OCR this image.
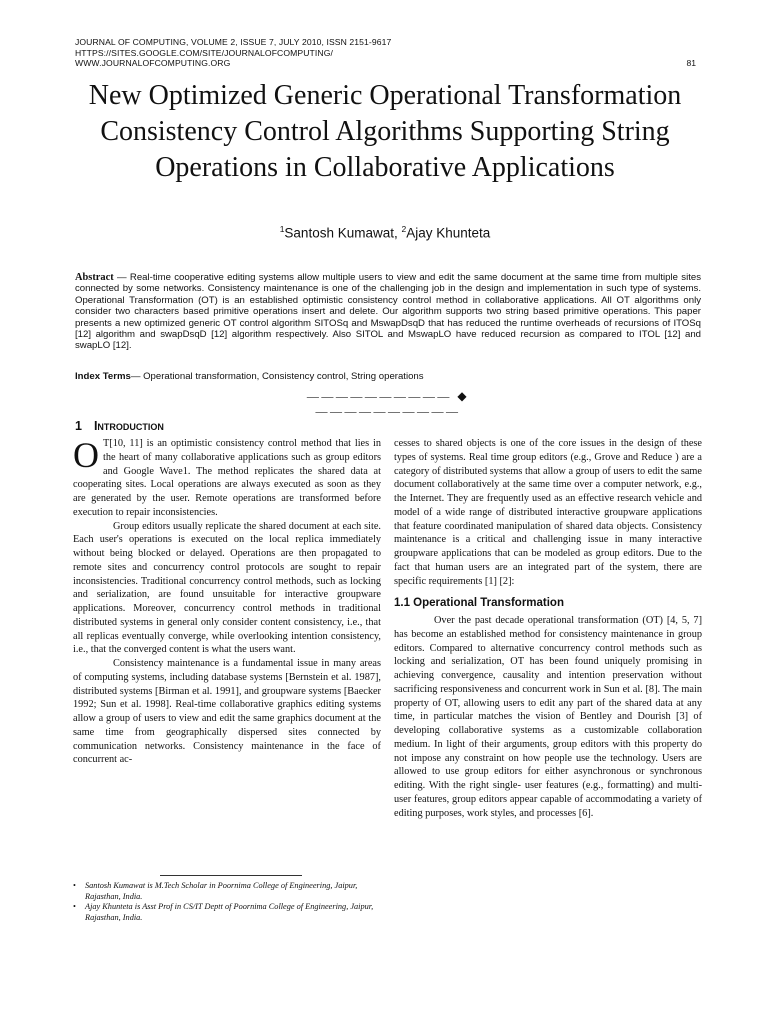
JOURNAL OF COMPUTING, VOLUME 2, ISSUE 7, JULY 2010, ISSN 2151-9617
HTTPS://SITES.GOOGLE.COM/SITE/JOURNALOFCOMPUTING/
WWW.JOURNALOFCOMPUTING.ORG	81
New Optimized Generic Operational Transformation Consistency Control Algorithms Supporting String Operations in Collaborative Applications
$^1$Santosh Kumawat, $^2$Ajay Khunteta
Abstract — Real-time cooperative editing systems allow multiple users to view and edit the same document at the same time from multiple sites connected by some networks. Consistency maintenance is one of the challenging job in the design and implementation in such type of systems. Operational Transformation (OT) is an established optimistic consistency control method in collaborative applications. All OT algorithms only consider two characters based primitive operations insert and delete. Our algorithm supports two string based primitive operations. This paper presents a new optimized generic OT control algorithm SITOSq and MswapDsqD that has reduced the runtime overheads of recursions of ITOSq [12] algorithm and swapDsqD [12] algorithm respectively. Also SITOL and MswapLO have reduced recursion as compared to ITOL [12] and swapLO [12].
Index Terms— Operational transformation, Consistency control, String operations
—————————— ◆ ——————————
1 Introduction

O T[10, 11] is an optimistic consistency control method that lies in the heart of many collaborative applications such as group editors and Google Wave1. The method replicates the shared data at cooperating sites. Local operations are always executed as soon as they are generated by the user. Remote operations are transformed before execution to repair inconsistencies.

Group editors usually replicate the shared document at each site. Each user's operations is executed on the local replica immediately without being blocked or delayed. Operations are then propagated to remote sites and concurrency control protocols are sought to repair inconsistencies. Traditional concurrency control methods, such as locking and serialization, are found unsuitable for interactive groupware applications. Moreover, concurrency control methods in traditional distributed systems in general only consider content consistency, i.e., that all replicas eventually converge, while overlooking intention consistency, i.e., that the converged content is what the users want.

Consistency maintenance is a fundamental issue in many areas of computing systems, including database systems [Bernstein et al. 1987], distributed systems [Birman et al. 1991], and groupware systems [Baecker 1992; Sun et al. 1998]. Real-time collaborative graphics editing systems allow a group of users to view and edit the same graphics document at the same time from geographically dispersed sites connected by communication networks. Consistency maintenance in the face of concurrent ac-

cesses to shared objects is one of the core issues in the design of these types of systems. Real time group editors (e.g., Grove and Reduce ) are a category of distributed systems that allow a group of users to edit the same document collaboratively at the same time over a computer network, e.g., the Internet. They are frequently used as an effective research vehicle and model of a wide range of distributed interactive groupware applications that feature coordinated manipulation of shared data objects. Consistency maintenance is a critical and challenging issue in many interactive groupware applications that can be modeled as group editors. Due to the fact that human users are an integrated part of the system, there are specific requirements [1] [2]:

1.1 Operational Transformation

Over the past decade operational transformation (OT) [4, 5, 7] has become an established method for consistency maintenance in group editors. Compared to alternative concurrency control methods such as locking and serialization, OT has been found uniquely promising in achieving convergence, causality and intention preservation without sacrificing responsiveness and concurrent work in Sun et al. [8]. The main property of OT, allowing users to edit any part of the shared data at any time, in particular matches the vision of Bentley and Dourish [3] of developing collaborative systems as a customizable collaboration medium. In light of their arguments, group editors with this property do not impose any constraint on how people use the technology. Users are allowed to use group editors for either asynchronous or synchronous editing. With the right single- user features (e.g., formatting) and multi-user features, group editors appear capable of accommodating a variety of editing purposes, work styles, and processes [6].

• Santosh Kumawat is M.Tech Scholar in Poornima College of Engineering, Jaipur, Rajasthan, India.
• Ajay Khunteta is Asst Prof in CS/IT Deptt of Poornima College of Engineering, Jaipur, Rajasthan, India.
